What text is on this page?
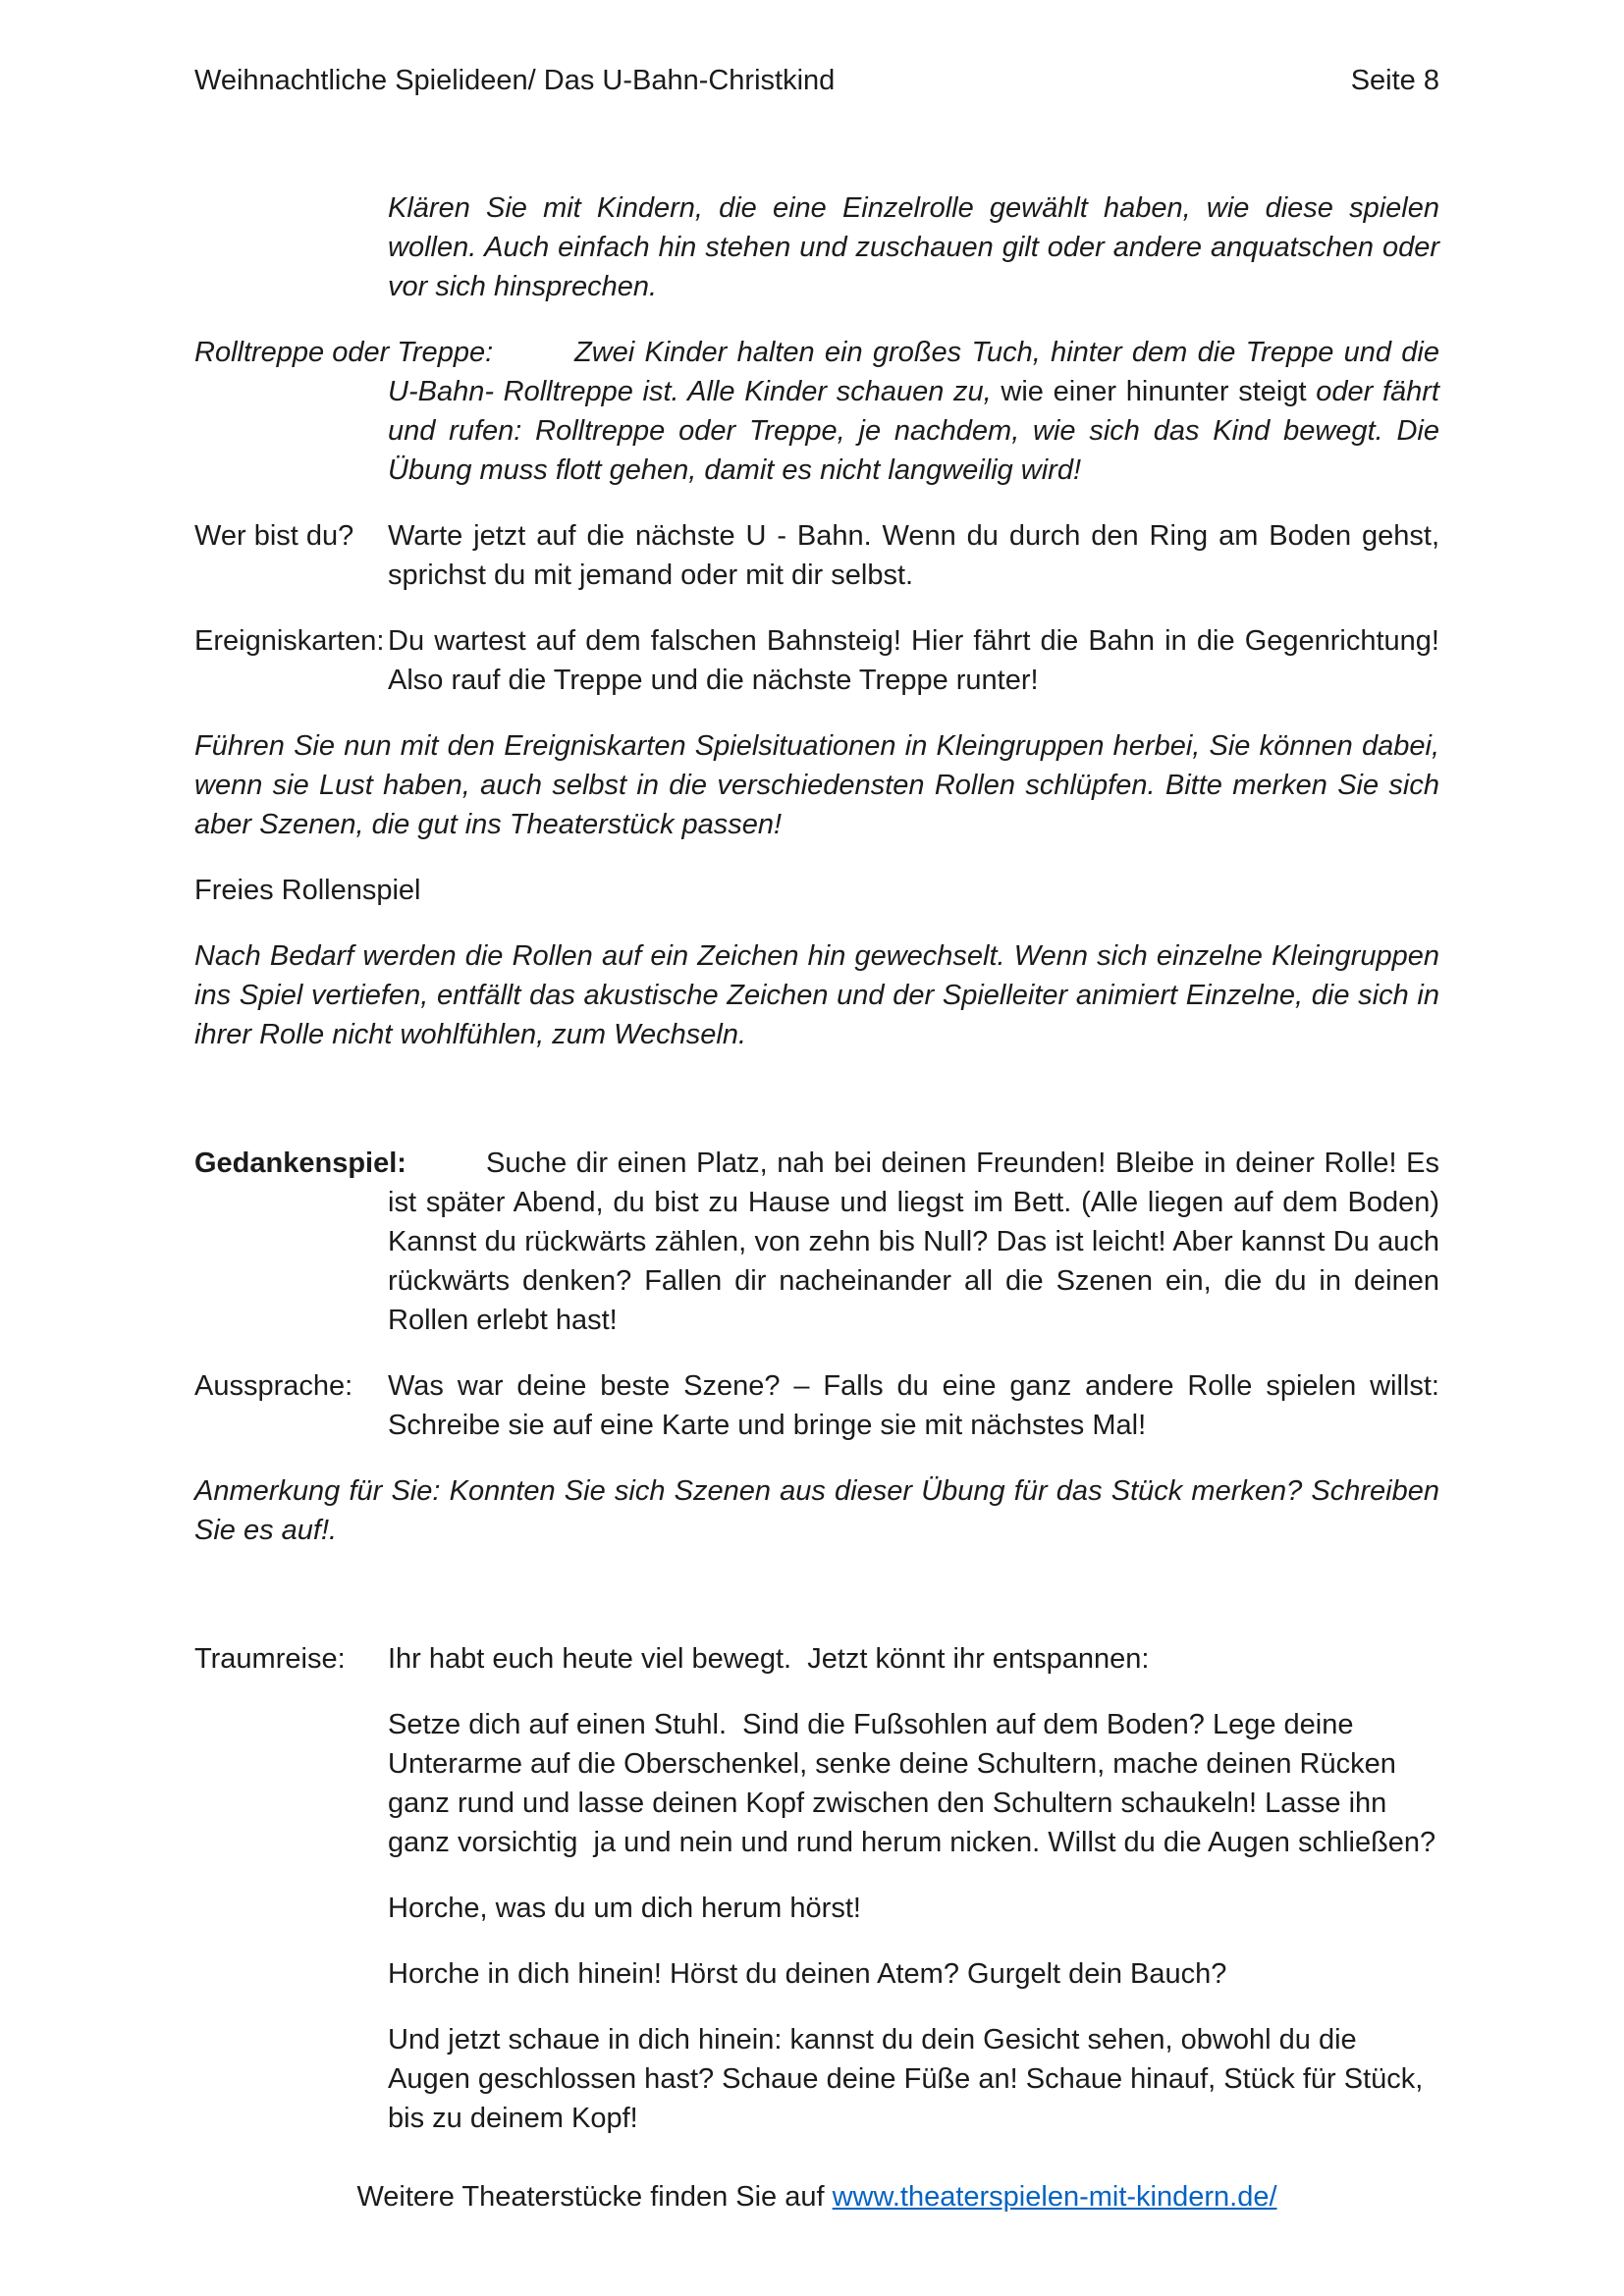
Weihnachtliche Spielideen/ Das U-Bahn-Christkind	Seite 8
Klären Sie mit Kindern, die eine Einzelrolle gewählt haben, wie diese spielen wollen. Auch einfach hin stehen und zuschauen gilt oder andere anquatschen oder vor sich hinsprechen.
Rolltreppe oder Treppe:	Zwei Kinder halten ein großes Tuch, hinter dem die Treppe und die U-Bahn- Rolltreppe ist. Alle Kinder schauen zu, wie einer hinunter steigt oder fährt und rufen: Rolltreppe oder Treppe, je nachdem, wie sich das Kind bewegt. Die Übung muss flott gehen, damit es nicht langweilig wird!
Wer bist du? Warte jetzt auf die nächste U - Bahn. Wenn du durch den Ring am Boden gehst, sprichst du mit jemand oder mit dir selbst.
Ereigniskarten: Du wartest auf dem falschen Bahnsteig! Hier fährt die Bahn in die Gegenrichtung! Also rauf die Treppe und die nächste Treppe runter!
Führen Sie nun mit den Ereigniskarten Spielsituationen in Kleingruppen herbei, Sie können dabei, wenn sie Lust haben, auch selbst in die verschiedensten Rollen schlüpfen. Bitte merken Sie sich aber Szenen, die gut ins Theaterstück passen!
Freies Rollenspiel
Nach Bedarf werden die Rollen auf ein Zeichen hin gewechselt. Wenn sich einzelne Kleingruppen ins Spiel vertiefen, entfällt das akustische Zeichen und der Spielleiter animiert Einzelne, die sich in ihrer Rolle nicht wohlfühlen, zum Wechseln.
Gedankenspiel:	Suche dir einen Platz, nah bei deinen Freunden! Bleibe in deiner Rolle! Es ist später Abend, du bist zu Hause und liegst im Bett. (Alle liegen auf dem Boden) Kannst du rückwärts zählen, von zehn bis Null? Das ist leicht! Aber kannst Du auch rückwärts denken? Fallen dir nacheinander all die Szenen ein, die du in deinen Rollen erlebt hast!
Aussprache: Was war deine beste Szene? – Falls du eine ganz andere Rolle spielen willst: Schreibe sie auf eine Karte und bringe sie mit nächstes Mal!
Anmerkung für Sie: Konnten Sie sich Szenen aus dieser Übung für das Stück merken? Schreiben Sie es auf!.
Traumreise: Ihr habt euch heute viel bewegt.  Jetzt könnt ihr entspannen:
Setze dich auf einen Stuhl.  Sind die Fußsohlen auf dem Boden? Lege deine Unterarme auf die Oberschenkel, senke deine Schultern, mache deinen Rücken ganz rund und lasse deinen Kopf zwischen den Schultern schaukeln! Lasse ihn ganz vorsichtig  ja und nein und rund herum nicken. Willst du die Augen schließen?
Horche, was du um dich herum hörst!
Horche in dich hinein! Hörst du deinen Atem? Gurgelt dein Bauch?
Und jetzt schaue in dich hinein: kannst du dein Gesicht sehen, obwohl du die Augen geschlossen hast? Schaue deine Füße an! Schaue hinauf, Stück für Stück, bis zu deinem Kopf!
Weitere Theaterstücke finden Sie auf www.theaterspielen-mit-kindern.de/
